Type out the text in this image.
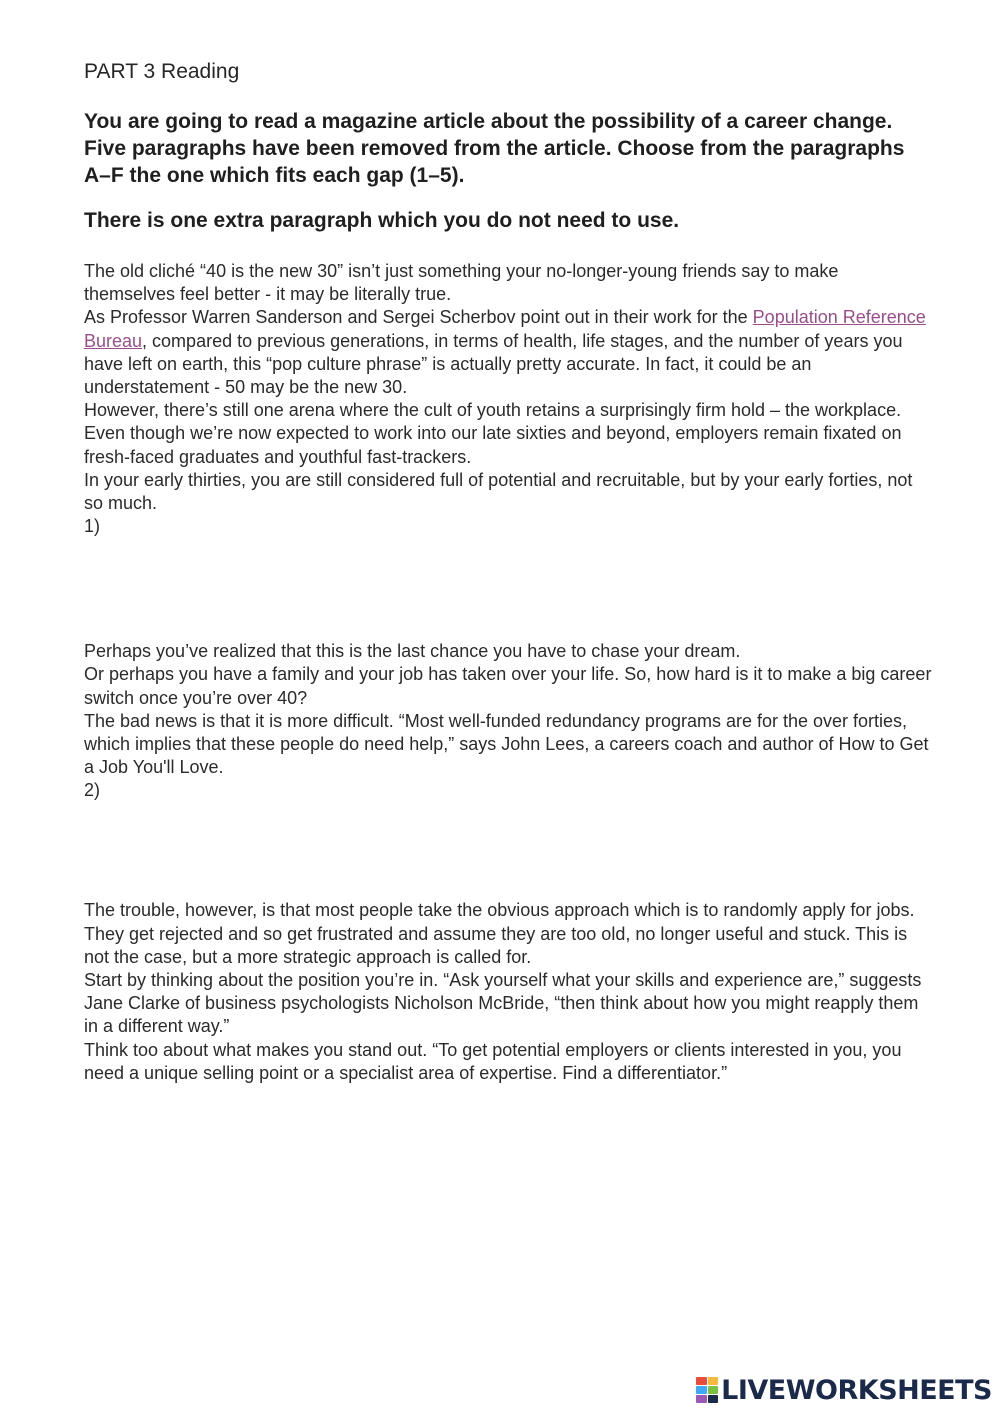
PART 3 Reading
You are going to read a magazine article about the possibility of a career change. Five paragraphs have been removed from the article. Choose from the paragraphs A–F the one which fits each gap (1–5).
There is one extra paragraph which you do not need to use.

The old cliché “40 is the new 30” isn’t just something your no-longer-young friends say to make themselves feel better - it may be literally true.

As Professor Warren Sanderson and Sergei Scherbov point out in their work for the Population Reference Bureau, compared to previous generations, in terms of health, life stages, and the number of years you have left on earth, this “pop culture phrase” is actually pretty accurate. In fact, it could be an understatement - 50 may be the new 30.

However, there’s still one arena where the cult of youth retains a surprisingly firm hold – the workplace. Even though we’re now expected to work into our late sixties and beyond, employers remain fixated on fresh-faced graduates and youthful fast-trackers.

In your early thirties, you are still considered full of potential and recruitable, but by your early forties, not so much.

1)

Perhaps you’ve realized that this is the last chance you have to chase your dream.

Or perhaps you have a family and your job has taken over your life. So, how hard is it to make a big career switch once you’re over 40?

The bad news is that it is more difficult. “Most well-funded redundancy programs are for the over forties, which implies that these people do need help,” says John Lees, a careers coach and author of How to Get a Job You'll Love.

2)

The trouble, however, is that most people take the obvious approach which is to randomly apply for jobs. They get rejected and so get frustrated and assume they are too old, no longer useful and stuck. This is not the case, but a more strategic approach is called for.

Start by thinking about the position you’re in. “Ask yourself what your skills and experience are,” suggests Jane Clarke of business psychologists Nicholson McBride, “then think about how you might reapply them in a different way.”

Think too about what makes you stand out. “To get potential employers or clients interested in you, you need a unique selling point or a specialist area of expertise. Find a differentiator.”

LIVEWORKSHEETS
